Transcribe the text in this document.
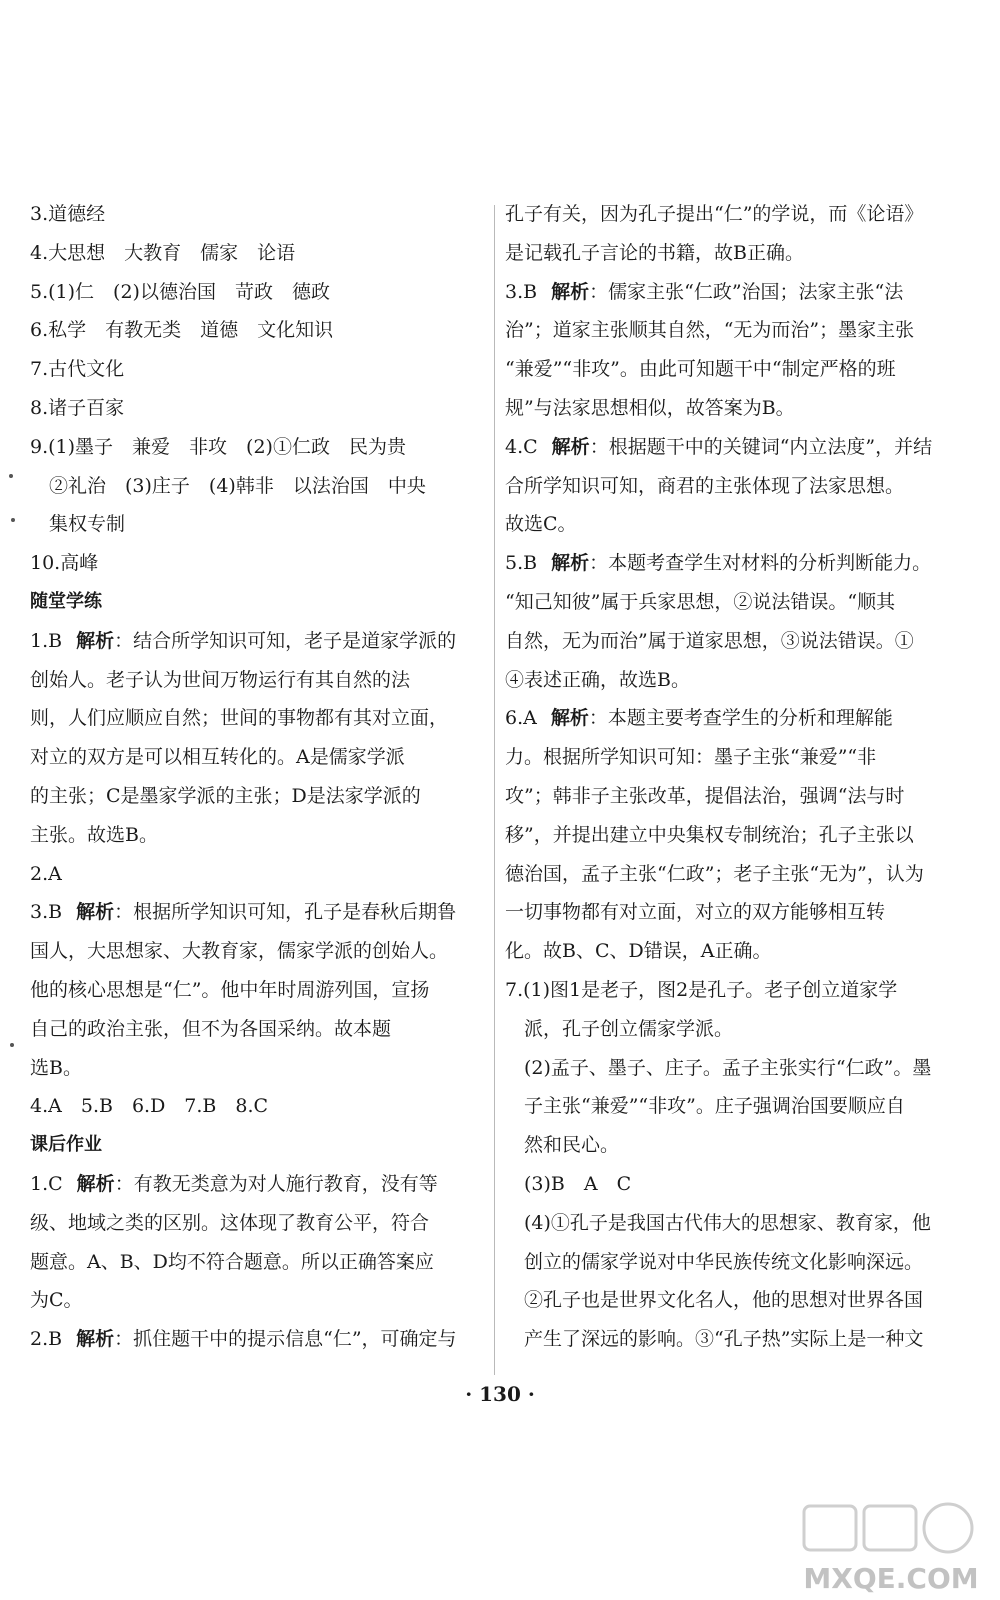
3.道德经
4.大思想　大教育　儒家　论语
5.(1)仁　(2)以德治国　苛政　德政
6.私学　有教无类　道德　文化知识
7.古代文化
8.诸子百家
9.(1)墨子　兼爱　非攻　(2)①仁政　民为贵
　②礼治　(3)庄子　(4)韩非　以法治国　中央
　集权专制
10.高峰
随堂学练
1.B 解析：结合所学知识可知，老子是道家学派的
创始人。老子认为世间万物运行有其自然的法
则，人们应顺应自然；世间的事物都有其对立面，
对立的双方是可以相互转化的。A是儒家学派
的主张；C是墨家学派的主张；D是法家学派的
主张。故选B。
2.A
3.B 解析：根据所学知识可知，孔子是春秋后期鲁
国人，大思想家、大教育家，儒家学派的创始人。
他的核心思想是“仁”。他中年时周游列国，宣扬
自己的政治主张，但不为各国采纳。故本题
选B。
4.A　5.B　6.D　7.B　8.C
课后作业
1.C 解析：有教无类意为对人施行教育，没有等
级、地域之类的区别。这体现了教育公平，符合
题意。A、B、D均不符合题意。所以正确答案应
为C。
2.B 解析：抓住题干中的提示信息“仁”，可确定与
孔子有关，因为孔子提出“仁”的学说，而《论语》
是记载孔子言论的书籍，故B正确。
3.B 解析：儒家主张“仁政”治国；法家主张“法
治”；道家主张顺其自然，“无为而治”；墨家主张
“兼爱”“非攻”。由此可知题干中“制定严格的班
规”与法家思想相似，故答案为B。
4.C 解析：根据题干中的关键词“内立法度”，并结
合所学知识可知，商君的主张体现了法家思想。
故选C。
5.B 解析：本题考查学生对材料的分析判断能力。
“知己知彼”属于兵家思想，②说法错误。“顺其
自然，无为而治”属于道家思想，③说法错误。①
④表述正确，故选B。
6.A 解析：本题主要考查学生的分析和理解能
力。根据所学知识可知：墨子主张“兼爱”“非
攻”；韩非子主张改革，提倡法治，强调“法与时
移”，并提出建立中央集权专制统治；孔子主张以
德治国，孟子主张“仁政”；老子主张“无为”，认为
一切事物都有对立面，对立的双方能够相互转
化。故B、C、D错误，A正确。
7.(1)图1是老子，图2是孔子。老子创立道家学
　派，孔子创立儒家学派。
　(2)孟子、墨子、庄子。孟子主张实行“仁政”。墨
　子主张“兼爱”“非攻”。庄子强调治国要顺应自
　然和民心。
　(3)B　A　C
　(4)①孔子是我国古代伟大的思想家、教育家，他
　创立的儒家学说对中华民族传统文化影响深远。
　②孔子也是世界文化名人，他的思想对世界各国
　产生了深远的影响。③“孔子热”实际上是一种文
· 130 ·
MXQE.COM
